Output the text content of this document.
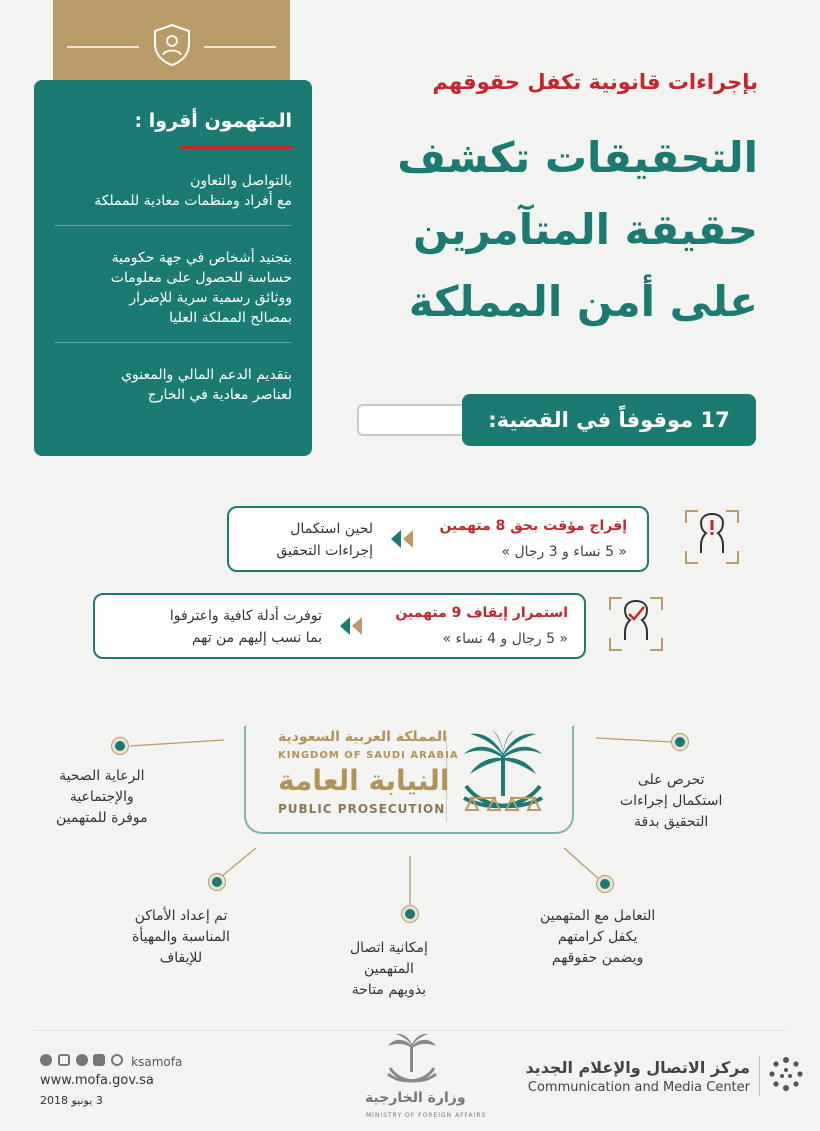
المتهمون أقروا :
بالتواصل والتعاون
مع أفراد ومنظمات معادية للمملكة
بتجنيد أشخاص في جهة حكومية
حساسة للحصول على معلومات
ووثائق رسمية سرية للإضرار
بمصالح المملكة العليا
بتقديم الدعم المالي والمعنوي
لعناصر معادية في الخارج
بإجراءات قانونية تكفل حقوقهم
التحقيقات تكشف
حقيقة المتآمرين
على أمن المملكة
17 موقوفاً في القضية:
إفراج مؤقت بحق 8 متهمين
« 5 نساء و 3 رجال »
لحين استكمال
إجراءات التحقيق
استمرار إيقاف 9 متهمين
« 5 رجال و 4 نساء »
توفرت أدلة كافية واعترفوا
بما نسب إليهم من تهم
المملكة العربية السعودية
KINGDOM OF SAUDI ARABIA
النيابة العامة
PUBLIC PROSECUTION
تحرص على
استكمال إجراءات
التحقيق بدقة
الرعاية الصحية
والإجتماعية
موفرة للمتهمين
التعامل مع المتهمين
يكفل كرامتهم
ويضمن حقوقهم
إمكانية اتصال
المتهمين
بذويهم متاحة
تم إعداد الأماكن
المناسبة والمهيأة
للإيقاف
ksamofa
www.mofa.gov.sa
3 يونيو 2018	وزارة الخارجية
MINISTRY OF FOREIGN AFFAIRS
مركز الاتصال والإعلام الجديد
Communication and Media Center
